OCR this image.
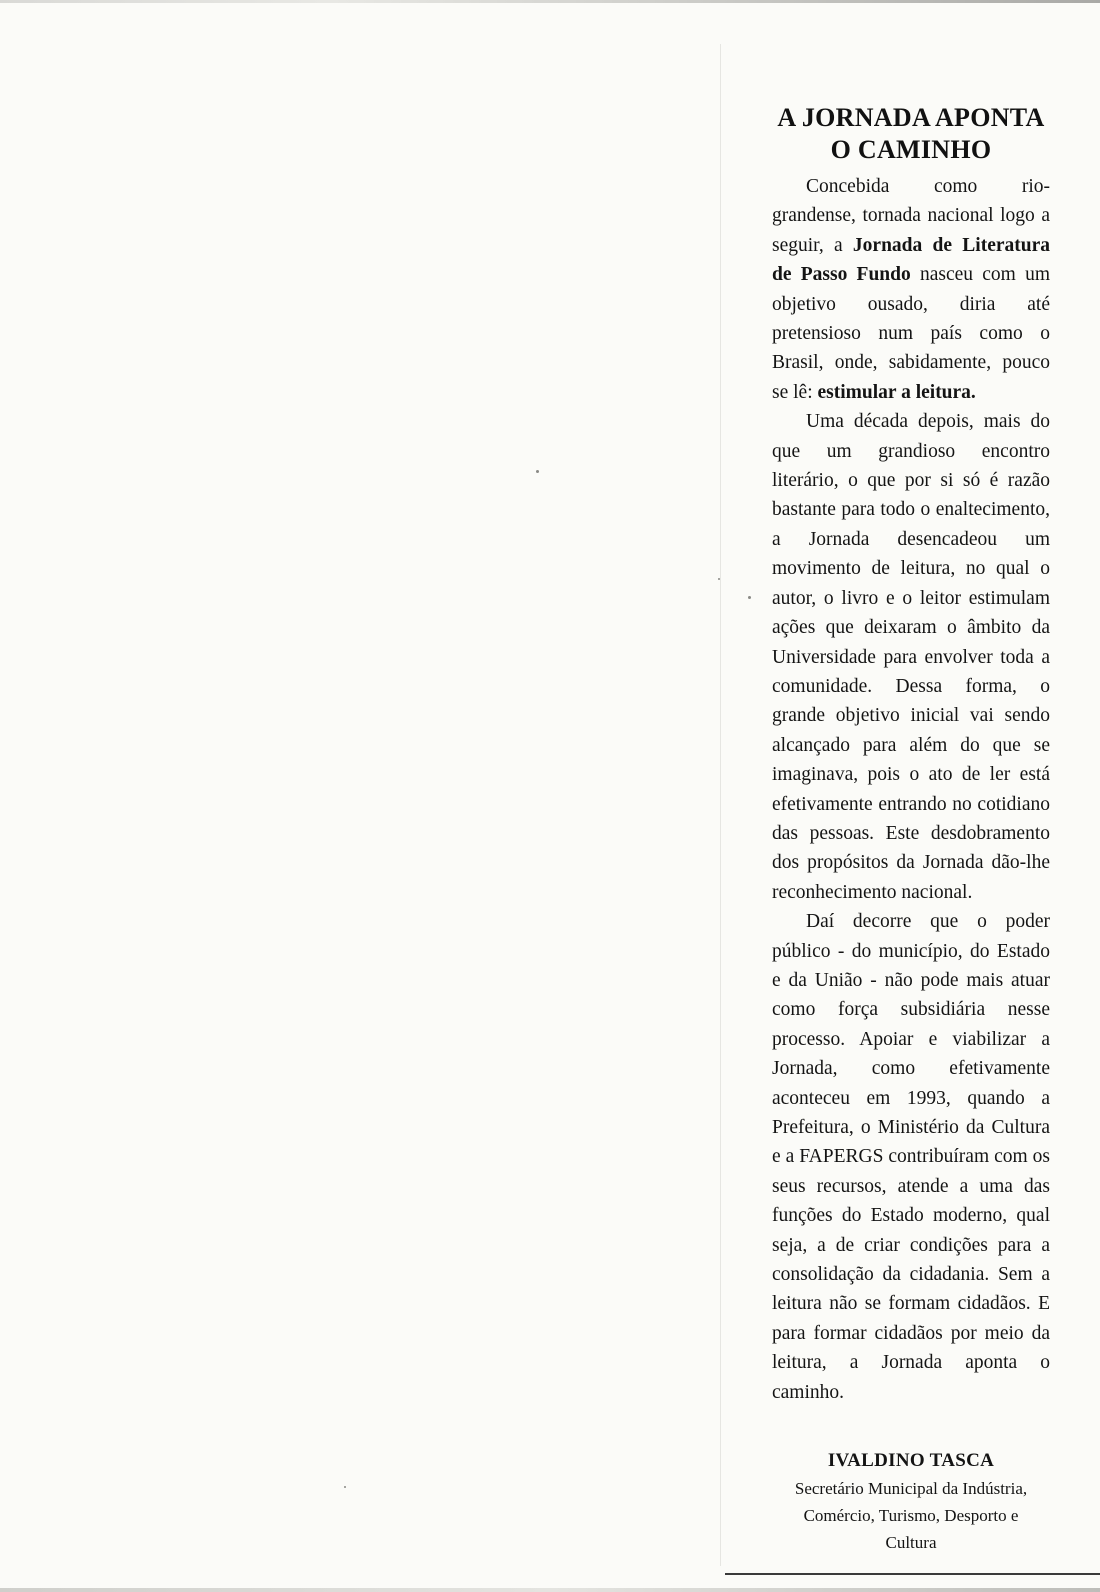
A JORNADA APONTA
O CAMINHO

Concebida como rio-grandense, tornada nacional logo a seguir, a Jornada de Literatura de Passo Fundo nasceu com um objetivo ousado, diria até pretensioso num país como o Brasil, onde, sabidamente, pouco se lê: estimular a leitura.

Uma década depois, mais do que um grandioso encontro literário, o que por si só é razão bastante para todo o enaltecimento, a Jornada desencadeou um movimento de leitura, no qual o autor, o livro e o leitor estimulam ações que deixaram o âmbito da Universidade para envolver toda a comunidade. Dessa forma, o grande objetivo inicial vai sendo alcançado para além do que se imaginava, pois o ato de ler está efetivamente entrando no cotidiano das pessoas. Este desdobramento dos propósitos da Jornada dão-lhe reconhecimento nacional.

Daí decorre que o poder público - do município, do Estado e da União - não pode mais atuar como força subsidiária nesse processo. Apoiar e viabilizar a Jornada, como efetivamente aconteceu em 1993, quando a Prefeitura, o Ministério da Cultura e a FAPERGS contribuíram com os seus recursos, atende a uma das funções do Estado moderno, qual seja, a de criar condições para a consolidação da cidadania. Sem a leitura não se formam cidadãos. E para formar cidadãos por meio da leitura, a Jornada aponta o caminho.

IVALDINO TASCA
Secretário Municipal da Indústria, Comércio, Turismo, Desporto e Cultura
